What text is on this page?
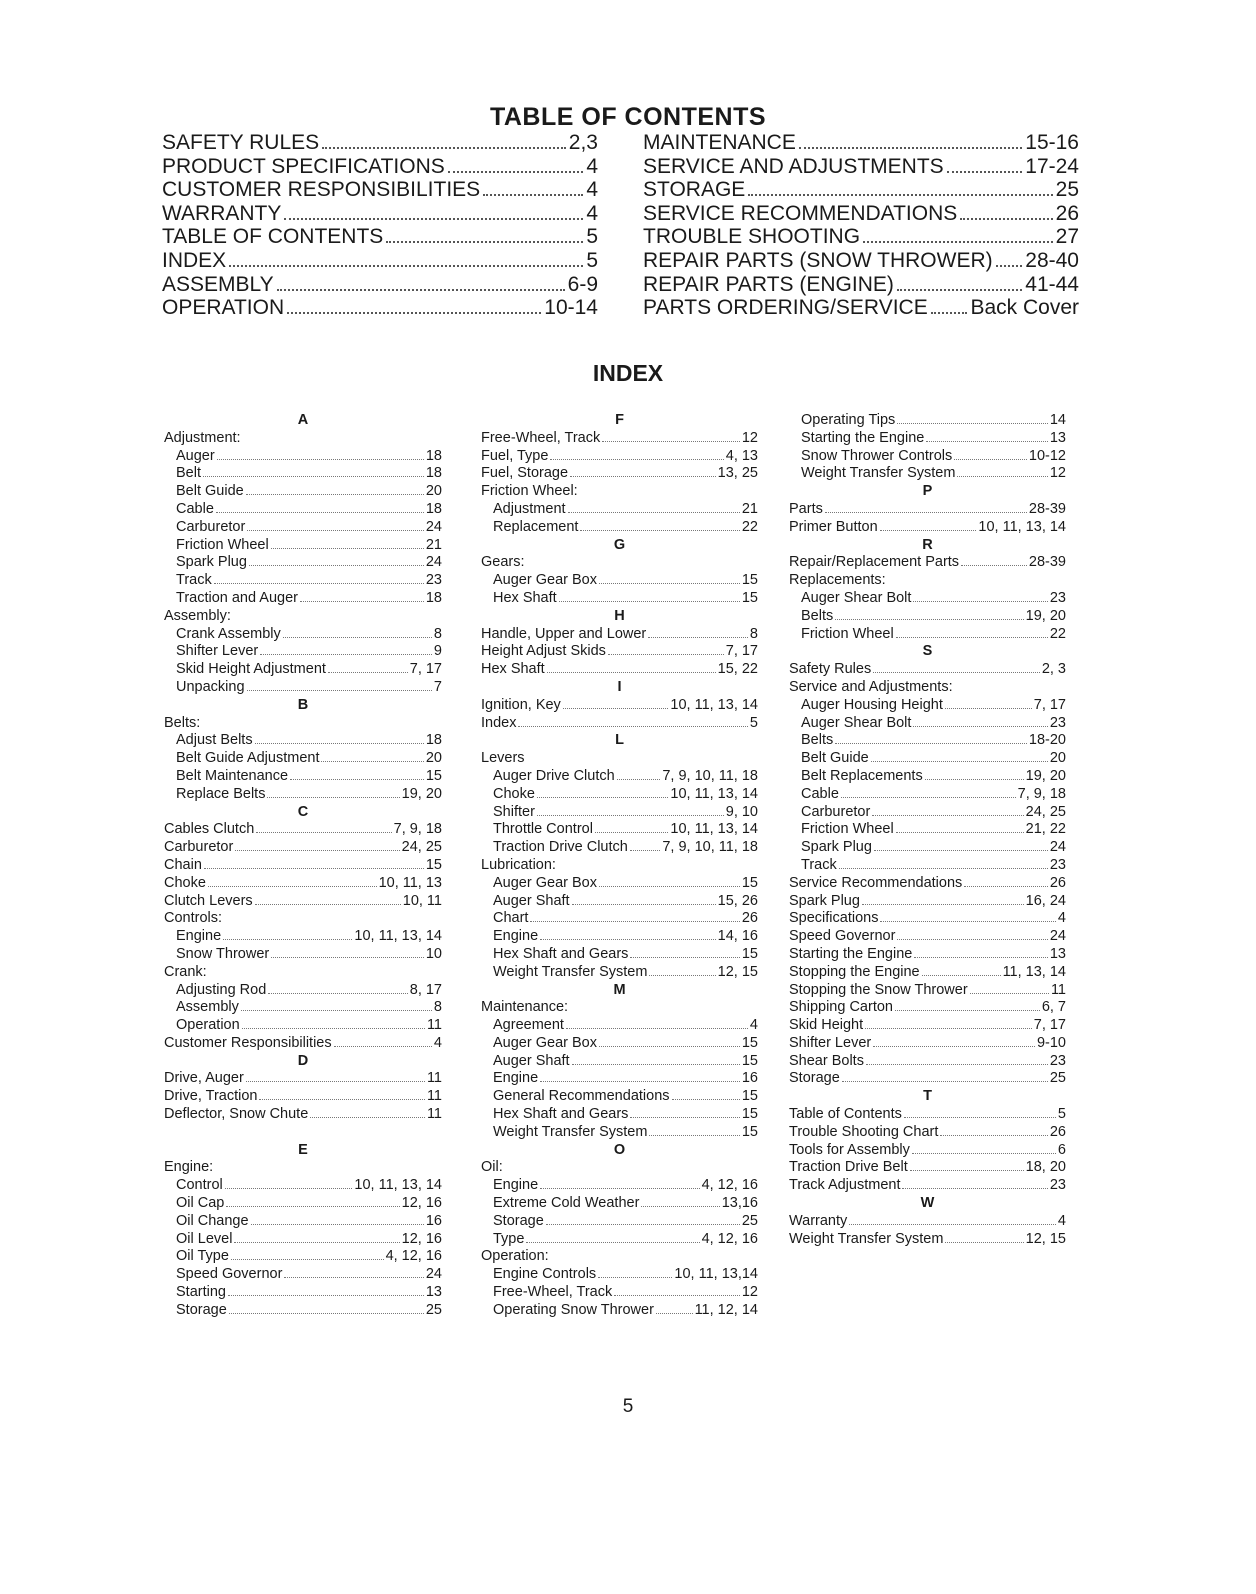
TABLE OF CONTENTS
SAFETY RULES	2,3
PRODUCT SPECIFICATIONS	4
CUSTOMER RESPONSIBILITIES	4
WARRANTY	4
TABLE OF CONTENTS	5
INDEX	5
ASSEMBLY	6-9
OPERATION	10-14
MAINTENANCE	15-16
SERVICE AND ADJUSTMENTS	17-24
STORAGE	25
SERVICE RECOMMENDATIONS	26
TROUBLE SHOOTING	27
REPAIR PARTS (SNOW THROWER) 28-40
REPAIR PARTS (ENGINE)	41-44
PARTS ORDERING/SERVICE Back Cover
INDEX
A
Adjustment:
Auger	18
Belt	18
Belt Guide	20
Cable	18
Carburetor	24
Friction Wheel	21
Spark Plug	24
Track	23
Traction and Auger	18
Assembly:
Crank Assembly	8
Shifter Lever	9
Skid Height Adjustment	7, 17
Unpacking	7
B
Belts:
Adjust Belts	18
Belt Guide Adjustment	20
Belt Maintenance	15
Replace Belts	19, 20
C
Cables Clutch	7, 9, 18
Carburetor	24, 25
Chain	15
Choke	10, 11, 13
Clutch Levers	10, 11
Controls:
Engine	10, 11, 13, 14
Snow Thrower	10
Crank:
Adjusting Rod	8, 17
Assembly	8
Operation	11
Customer Responsibilities	4
D
Drive, Auger	11
Drive, Traction	11
Deflector, Snow Chute	11
E
Engine:
Control	10, 11, 13, 14
Oil Cap	12, 16
Oil Change	16
Oil Level	12, 16
Oil Type	4, 12, 16
Speed Governor	24
Starting	13
Storage	25
F
Free-Wheel, Track	12
Fuel, Type	4, 13
Fuel, Storage	13, 25
Friction Wheel:
Adjustment	21
Replacement	22
G
Gears:
Auger Gear Box	15
Hex Shaft	15
H
Handle, Upper and Lower	8
Height Adjust Skids	7, 17
Hex Shaft	15, 22
I
Ignition, Key	10, 11, 13, 14
Index	5
L
Levers
Auger Drive Clutch	7, 9, 10, 11, 18
Choke	10, 11, 13, 14
Shifter	9, 10
Throttle Control	10, 11, 13, 14
Traction Drive Clutch 7, 9, 10, 11, 18
Lubrication:
Auger Gear Box	15
Auger Shaft	15, 26
Chart	26
Engine	14, 16
Hex Shaft and Gears	15
Weight Transfer System	12, 15
M
Maintenance:
Agreement	4
Auger Gear Box	15
Auger Shaft	15
Engine	16
General Recommendations	15
Hex Shaft and Gears	15
Weight Transfer System	15
O
Oil:
Engine	4, 12, 16
Extreme Cold Weather	13,16
Storage	25
Type	4, 12, 16
Operation:
Engine Controls	10, 11, 13,14
Free-Wheel, Track	12
Operating Snow Thrower	11, 12, 14
Operating Tips	14
Starting the Engine	13
Snow Thrower Controls	10-12
Weight Transfer System	12
P
Parts	28-39
Primer Button	10, 11, 13, 14
R
Repair/Replacement Parts	28-39
Replacements:
Auger Shear Bolt	23
Belts	19, 20
Friction Wheel	22
S
Safety Rules	2, 3
Service and Adjustments:
Auger Housing Height	7, 17
Auger Shear Bolt	23
Belts	18-20
Belt Guide	20
Belt Replacements	19, 20
Cable	7, 9, 18
Carburetor	24, 25
Friction Wheel	21, 22
Spark Plug	24
Track	23
Service Recommendations	26
Spark Plug	16, 24
Specifications	4
Speed Governor	24
Starting the Engine	13
Stopping the Engine	11, 13, 14
Stopping the Snow Thrower	11
Shipping Carton	6, 7
Skid Height	7, 17
Shifter Lever	9-10
Shear Bolts	23
Storage	25
T
Table of Contents	5
Trouble Shooting Chart	26
Tools for Assembly	6
Traction Drive Belt	18, 20
Track Adjustment	23
W
Warranty	4
Weight Transfer System	12, 15
5
